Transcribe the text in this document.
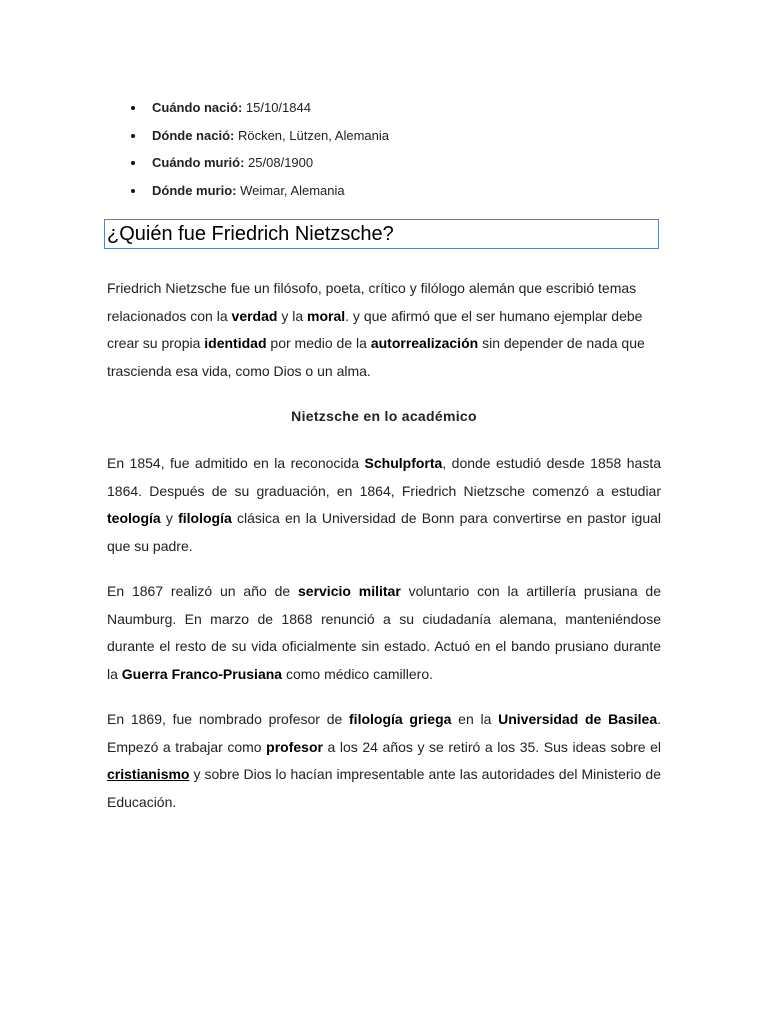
Cuándo nació: 15/10/1844
Dónde nació: Röcken, Lützen, Alemania
Cuándo murió: 25/08/1900
Dónde murio: Weimar, Alemania
¿Quién fue Friedrich Nietzsche?

Friedrich Nietzsche fue un filósofo, poeta, crítico y filólogo alemán que escribió temas relacionados con la verdad y la moral. y que afirmó que el ser humano ejemplar debe crear su propia identidad por medio de la autorrealización sin depender de nada que trascienda esa vida, como Dios o un alma.

Nietzsche en lo académico

En 1854, fue admitido en la reconocida Schulpforta, donde estudió desde 1858 hasta 1864. Después de su graduación, en 1864, Friedrich Nietzsche comenzó a estudiar teología y filología clásica en la Universidad de Bonn para convertirse en pastor igual que su padre.

En 1867 realizó un año de servicio militar voluntario con la artillería prusiana de Naumburg. En marzo de 1868 renunció a su ciudadanía alemana, manteniéndose durante el resto de su vida oficialmente sin estado. Actuó en el bando prusiano durante la Guerra Franco-Prusiana como médico camillero.

En 1869, fue nombrado profesor de filología griega en la Universidad de Basilea. Empezó a trabajar como profesor a los 24 años y se retiró a los 35. Sus ideas sobre el cristianismo y sobre Dios lo hacían impresentable ante las autoridades del Ministerio de Educación.
